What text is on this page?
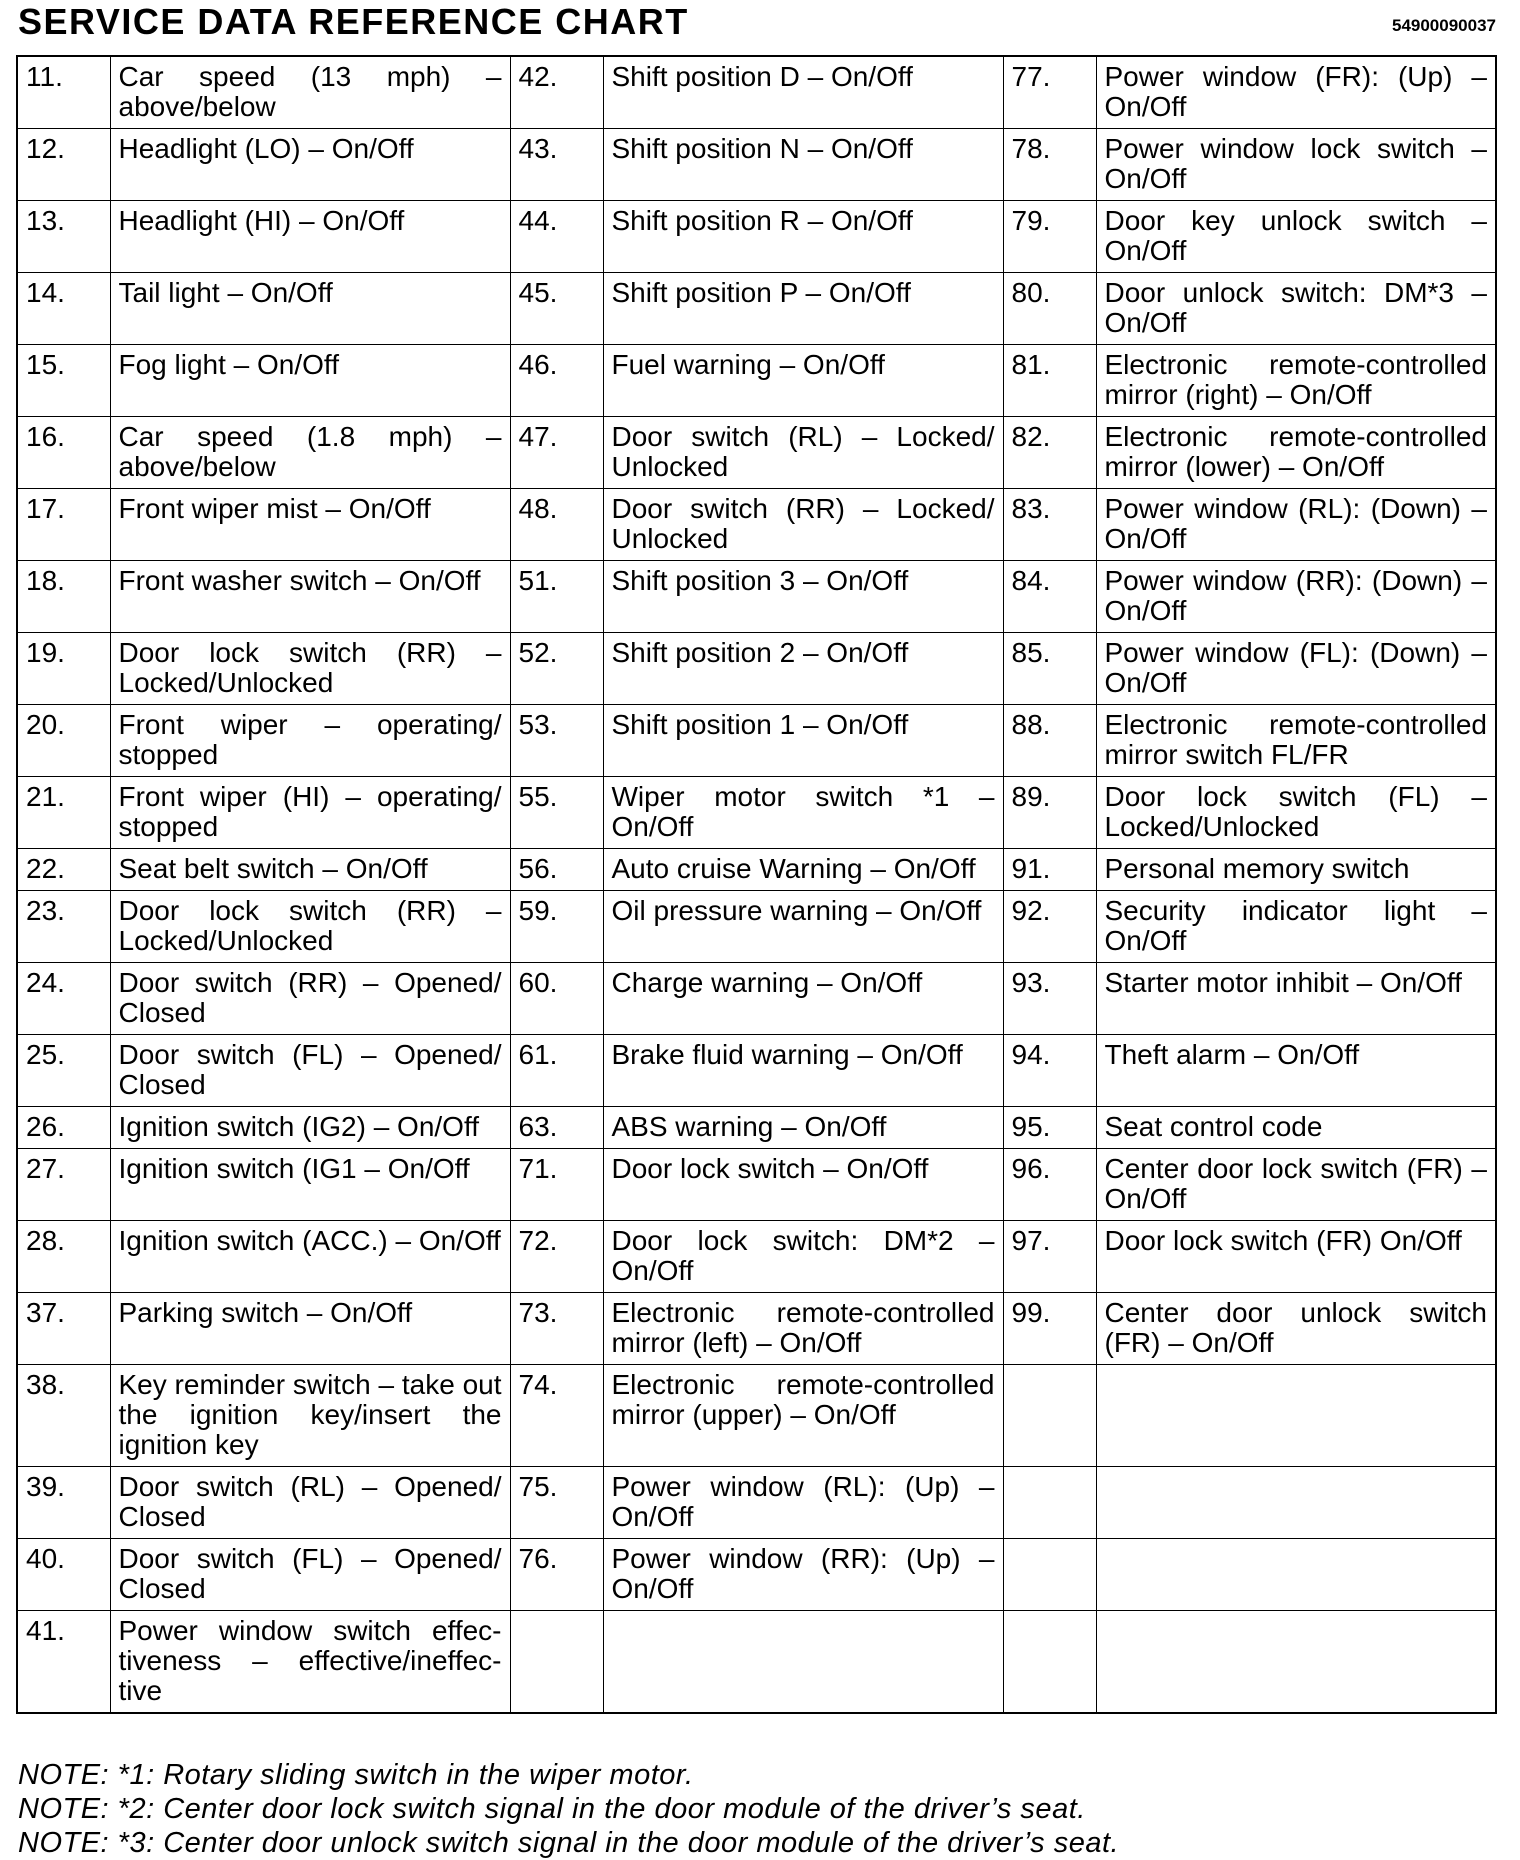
SERVICE DATA REFERENCE CHART	54900090037
11.	Car speed (13 mph) – above/below	42.	Shift position D – On/Off	77.	Power window (FR): (Up) – On/Off
12.	Headlight (LO) – On/Off	43.	Shift position N – On/Off	78.	Power window lock switch – On/Off
13.	Headlight (HI) – On/Off	44.	Shift position R – On/Off	79.	Door key unlock switch – On/Off
14.	Tail light – On/Off	45.	Shift position P – On/Off	80.	Door unlock switch: DM*3 – On/Off
15.	Fog light – On/Off	46.	Fuel warning – On/Off	81.	Electronic remote-controlled mirror (right) – On/Off
16.	Car speed (1.8 mph) – above/below	47.	Door switch (RL) – Locked/ Unlocked	82.	Electronic remote-controlled mirror (lower) – On/Off
17.	Front wiper mist – On/Off	48.	Door switch (RR) – Locked/ Unlocked	83.	Power window (RL): (Down) – On/Off
18.	Front washer switch – On/Off	51.	Shift position 3 – On/Off	84.	Power window (RR): (Down) – On/Off
19.	Door lock switch (RR) – Locked/Unlocked	52.	Shift position 2 – On/Off	85.	Power window (FL): (Down) – On/Off
20.	Front wiper – operating/ stopped	53.	Shift position 1 – On/Off	88.	Electronic remote-controlled mirror switch FL/FR
21.	Front wiper (HI) – operating/ stopped	55.	Wiper motor switch *1 – On/Off	89.	Door lock switch (FL) – Locked/Unlocked
22.	Seat belt switch – On/Off	56.	Auto cruise Warning – On/Off	91.	Personal memory switch
23.	Door lock switch (RR) – Locked/Unlocked	59.	Oil pressure warning – On/Off	92.	Security indicator light – On/Off
24.	Door switch (RR) – Opened/ Closed	60.	Charge warning – On/Off	93.	Starter motor inhibit – On/Off
25.	Door switch (FL) – Opened/ Closed	61.	Brake fluid warning – On/Off	94.	Theft alarm – On/Off
26.	Ignition switch (IG2) – On/Off	63.	ABS warning – On/Off	95.	Seat control code
27.	Ignition switch (IG1 – On/Off	71.	Door lock switch – On/Off	96.	Center door lock switch (FR) – On/Off
28.	Ignition switch (ACC.) – On/Off	72.	Door lock switch: DM*2 – On/Off	97.	Door lock switch (FR) On/Off
37.	Parking switch – On/Off	73.	Electronic remote-controlled mirror (left) – On/Off	99.	Center door unlock switch (FR) – On/Off
38.	Key reminder switch – take out the ignition key/insert the ignition key	74.	Electronic remote-controlled mirror (upper) – On/Off		
39.	Door switch (RL) – Opened/ Closed	75.	Power window (RL): (Up) – On/Off		
40.	Door switch (FL) – Opened/ Closed	76.	Power window (RR): (Up) – On/Off		
41.	Power window switch effec- tiveness – effective/ineffec- tive				
NOTE: *1: Rotary sliding switch in the wiper motor.
NOTE: *2: Center door lock switch signal in the door module of the driver’s seat.
NOTE: *3: Center door unlock switch signal in the door module of the driver’s seat.
